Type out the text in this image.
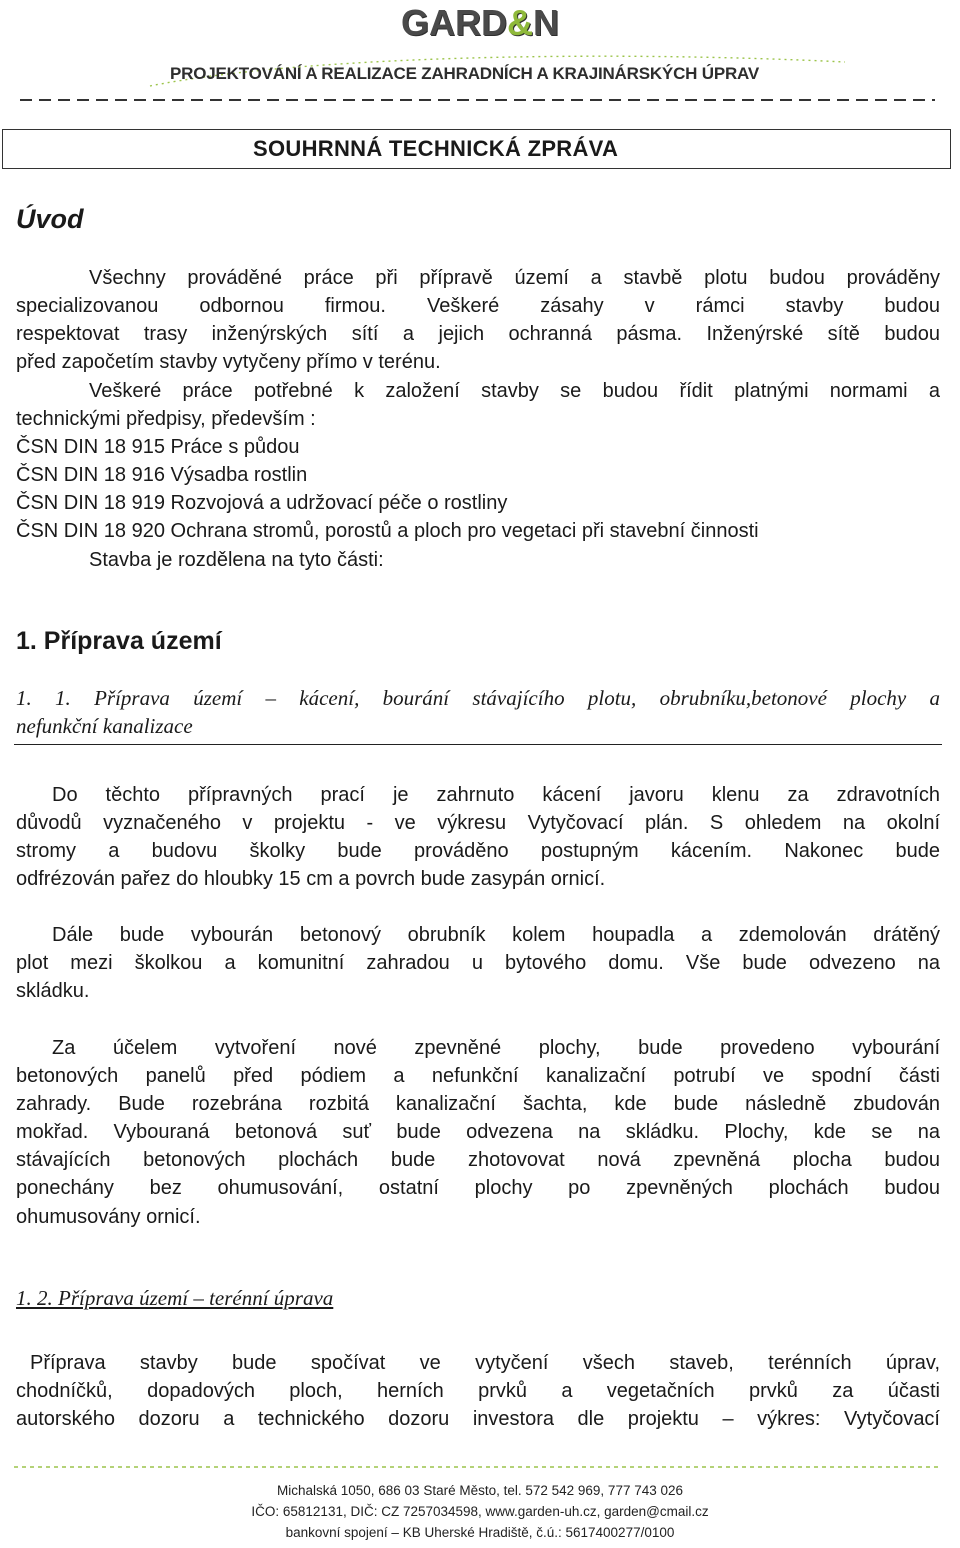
GARD&N
PROJEKTOVÁNÍ A REALIZACE ZAHRADNÍCH A KRAJINÁRSKÝCH ÚPRAV
SOUHRNNÁ TECHNICKÁ ZPRÁVA
Úvod
Všechny prováděné práce při přípravě území a stavbě plotu budou prováděny
specializovanou odbornou firmou. Veškeré zásahy v rámci stavby budou
respektovat trasy inženýrských sítí a jejich ochranná pásma. Inženýrské sítě budou
před započetím stavby vytyčeny přímo v terénu.
Veškeré práce potřebné k založení stavby se budou řídit platnými normami a
technickými předpisy, především :
ČSN DIN 18 915 Práce s půdou
ČSN DIN 18 916 Výsadba rostlin
ČSN DIN 18 919 Rozvojová a udržovací péče o rostliny
ČSN DIN 18 920 Ochrana stromů, porostů a ploch pro vegetaci při stavební činnosti
Stavba je rozdělena na tyto části:
1. Příprava území
1. 1. Příprava území – kácení, bourání stávajícího plotu, obrubníku,betonové plochy a
nefunkční kanalizace
Do těchto přípravných prací je zahrnuto kácení javoru klenu za zdravotních
důvodů vyznačeného v projektu - ve výkresu Vytyčovací plán. S ohledem na okolní
stromy a budovu školky bude prováděno postupným kácením. Nakonec bude
odfrézován pařez do hloubky 15 cm a povrch bude zasypán ornicí.
Dále bude vybourán betonový obrubník kolem houpadla a zdemolován drátěný
plot mezi školkou a komunitní zahradou u bytového domu. Vše bude odvezeno na
skládku.
Za účelem vytvoření nové zpevněné plochy, bude provedeno vybourání
betonových panelů před pódiem a nefunkční kanalizační potrubí ve spodní části
zahrady. Bude rozebrána rozbitá kanalizační šachta, kde bude následně zbudován
mokřad. Vybouraná betonová suť bude odvezena na skládku. Plochy, kde se na
stávajících betonových plochách bude zhotovovat nová zpevněná plocha budou
ponechány bez ohumusování, ostatní plochy po zpevněných plochách budou
ohumusovány ornicí.
1. 2. Příprava území – terénní úprava
Příprava stavby bude spočívat ve vytyčení všech staveb, terénních úprav,
chodníčků, dopadových ploch, herních prvků a vegetačních prvků za účasti
autorského dozoru a technického dozoru investora dle projektu – výkres: Vytyčovací
Michalská 1050, 686 03 Staré Město, tel. 572 542 969, 777 743 026
IČO: 65812131, DIČ: CZ 7257034598, www.garden-uh.cz, garden@cmail.cz
bankovní spojení – KB Uherské Hradiště, č.ú.: 5617400277/0100
